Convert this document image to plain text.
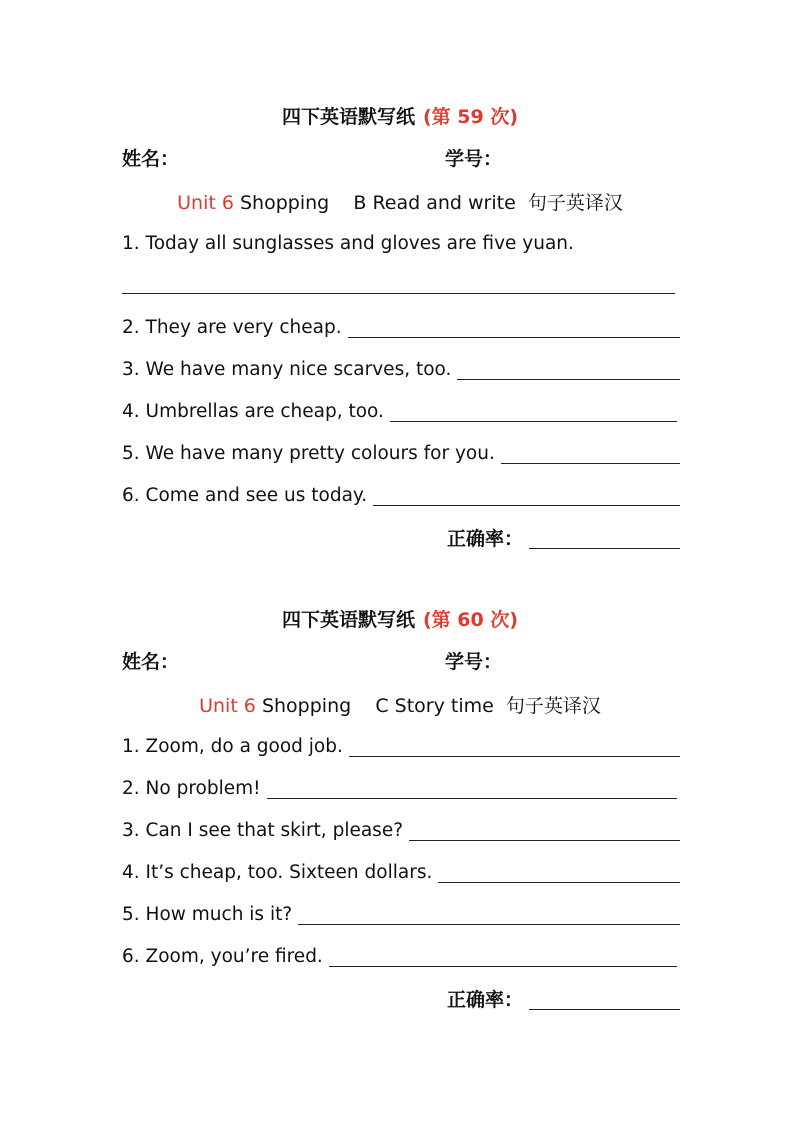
四下英语默写纸 (第 59 次)
姓名：	学号：
Unit 6 Shopping    B Read and write  句子英译汉
1. Today all sunglasses and gloves are five yuan.
2. They are very cheap.
3. We have many nice scarves, too.
4. Umbrellas are cheap, too.
5. We have many pretty colours for you.
6. Come and see us today.
正确率：
四下英语默写纸 (第 60 次)
姓名：	学号：
Unit 6 Shopping    C Story time  句子英译汉
1. Zoom, do a good job.
2. No problem!
3. Can I see that skirt, please?
4. It’s cheap, too. Sixteen dollars.
5. How much is it?
6. Zoom, you’re fired.
正确率：
